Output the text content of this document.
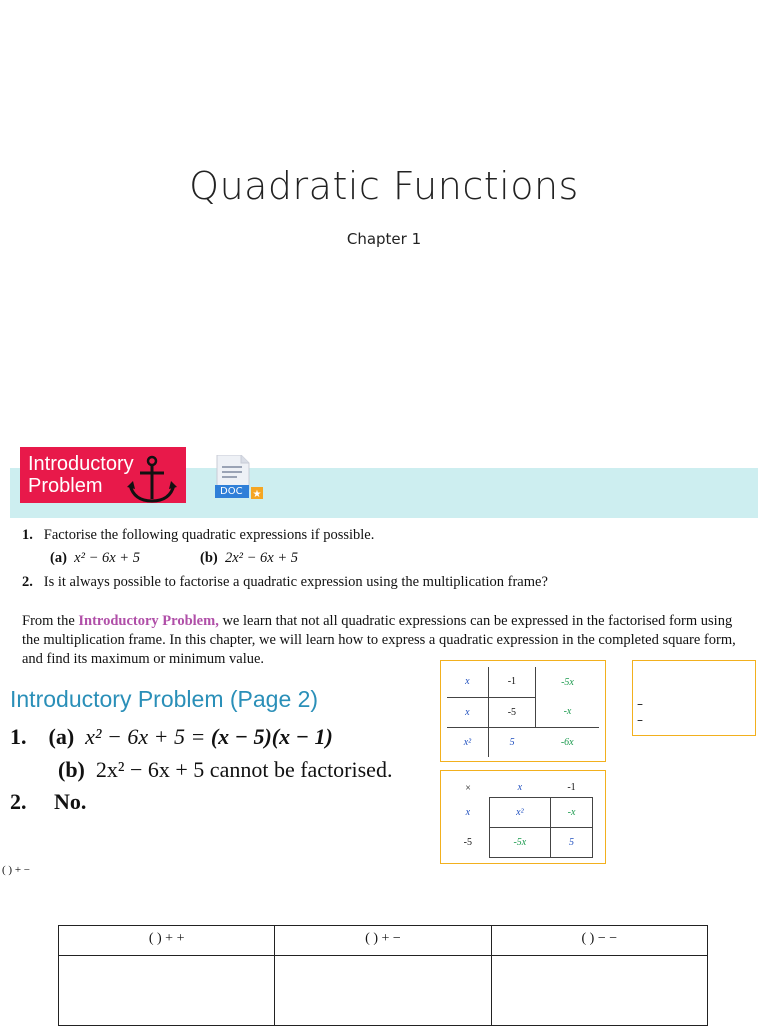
Quadratic Functions
Chapter 1
Introductory
Problem	★
DOC
1. Factorise the following quadratic expressions if possible.
(a) x² − 6x + 5	(b) 2x² − 6x + 5
2. Is it always possible to factorise a quadratic expression using the multiplication frame?
From the Introductory Problem, we learn that not all quadratic expressions can be expressed in the factorised form using the multiplication frame. In this chapter, we will learn how to express a quadratic expression in the completed square form, and find its maximum or minimum value.
Introductory Problem (Page 2)
1. (a) x² − 6x + 5 = (x − 5)(x − 1)
(b) 2x² − 6x + 5 cannot be factorised.
2. No.
x	-1	-5x
x	-5	-x
x²	5	-6x
–
–
×	x	-1
x	x²	-x
-5	-5x	5
( ) + −
( ) + +	( ) + −	( ) − −
